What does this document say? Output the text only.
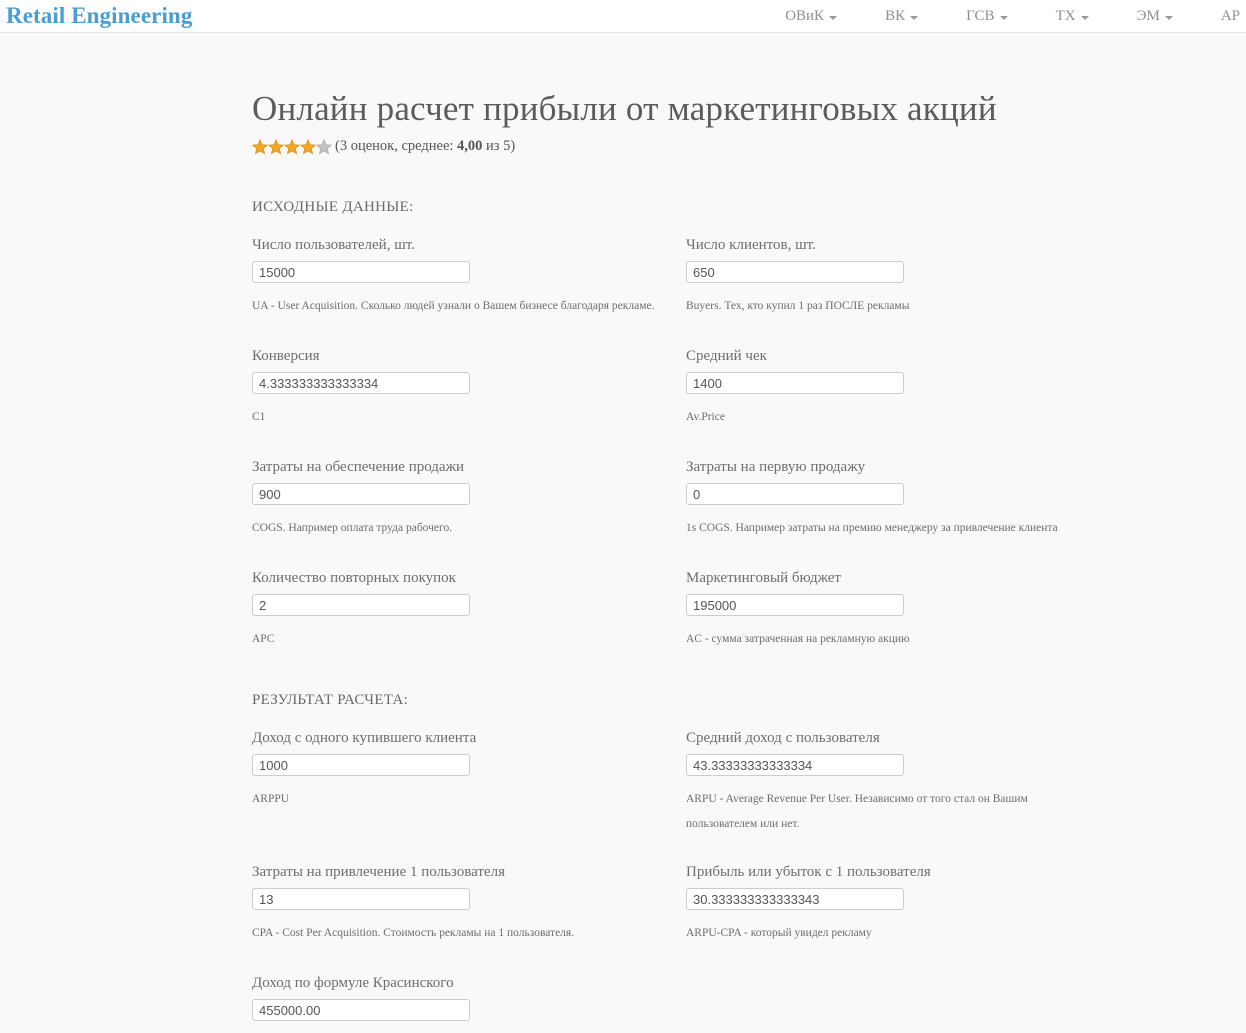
Retail Engineering	ОВиК	ВК	ГСВ	ТХ	ЭМ	АР
Онлайн расчет прибыли от маркетинговых акций
(3 оценок, среднее: 4,00 из 5)
ИСХОДНЫЕ ДАННЫЕ:
Число пользователей, шт.
15000
UA - User Acquisition. Сколько людей узнали о Вашем бизнесе благодаря рекламе.
Число клиентов, шт.
650
Buyers. Тех, кто купил 1 раз ПОСЛЕ рекламы
Конверсия
4.333333333333334
C1
Средний чек
1400
Av.Price
Затраты на обеспечение продажи
900
COGS. Например оплата труда рабочего.
Затраты на первую продажу
0
1s COGS. Например затраты на премию менеджеру за привлечение клиента
Количество повторных покупок
2
APC
Маркетинговый бюджет
195000
AC - сумма затраченная на рекламную акцию
РЕЗУЛЬТАТ РАСЧЕТА:
Доход с одного купившего клиента
1000
ARPPU
Средний доход с пользователя
43.33333333333334
ARPU - Average Revenue Per User. Независимо от того стал он Вашим пользователем или нет.
Затраты на привлечение 1 пользователя
13
CPA - Cost Per Acquisition. Стоимость рекламы на 1 пользователя.
Прибыль или убыток с 1 пользователя
30.333333333333343
ARPU-CPA - который увидел рекламу
Доход по формуле Красинского
455000.00
